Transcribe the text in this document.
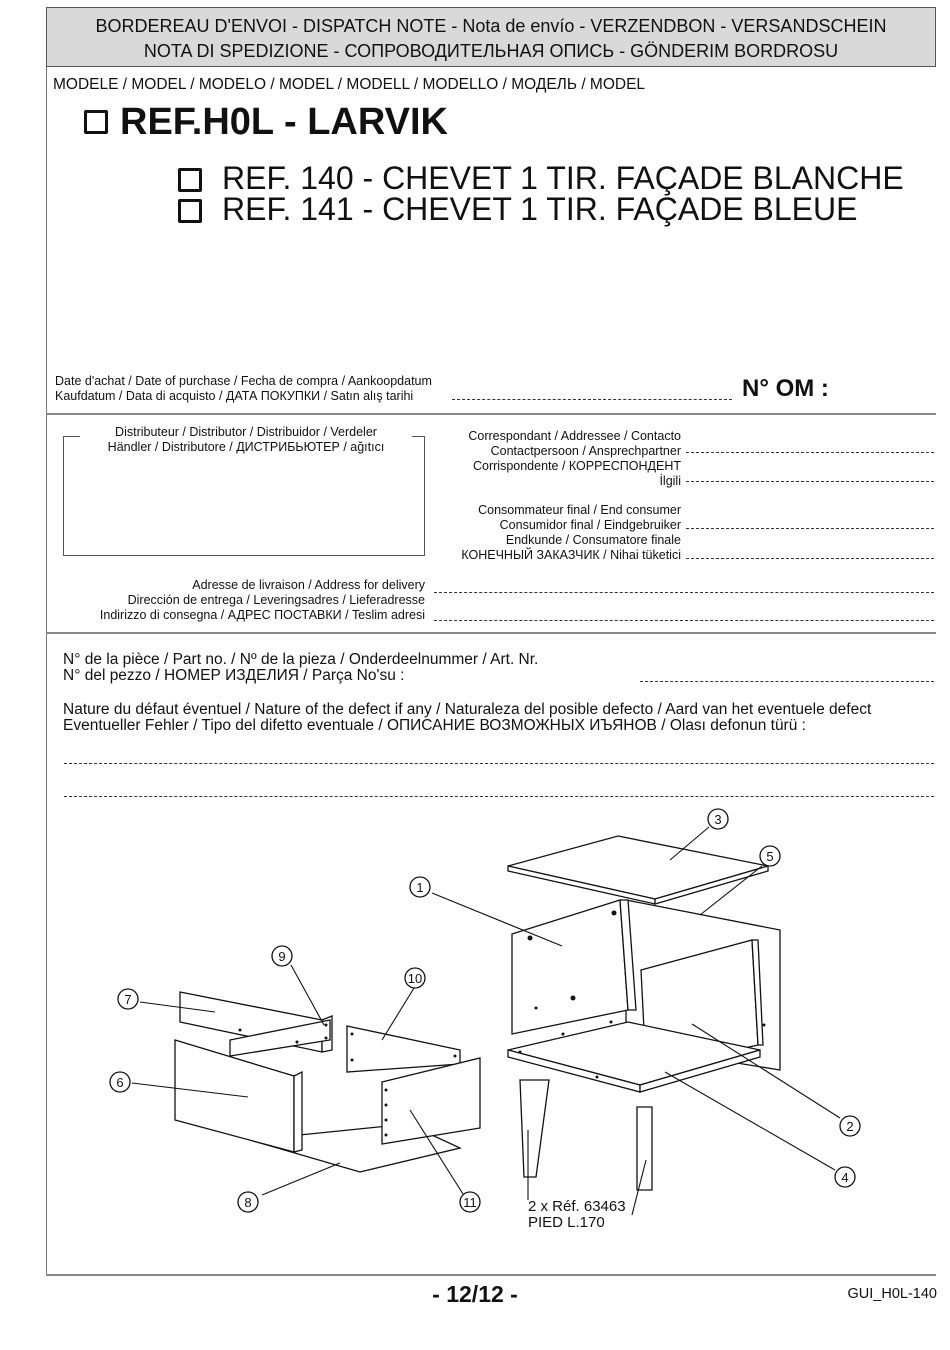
BORDEREAU D'ENVOI - DISPATCH NOTE - Nota de envío - VERZENDBON - VERSANDSCHEIN
NOTA DI SPEDIZIONE - СОПРОВОДИТЕЛЬНАЯ ОПИСЬ - GÖNDERIM BORDROSU
MODELE / MODEL / MODELO / MODEL / MODELL / MODELLO / МОДЕЛЬ / MODEL
REF.H0L - LARVIK
REF. 140 - CHEVET 1 TIR. FAÇADE BLANCHE
REF. 141 - CHEVET 1 TIR. FAÇADE BLEUE
Date d'achat / Date of purchase / Fecha de compra / Aankoopdatum
Kaufdatum / Data di acquisto / ДАТА ПОКУПКИ / Satın alış tarihi	N° OM :
Distributeur / Distributor / Distribuidor / Verdeler
Händler / Distributore / ДИСТРИБЬЮТЕР / ağıtıcı
Correspondant / Addressee / Contacto
Contactpersoon / Ansprechpartner
Corrispondente / КОРРЕСПОНДЕНТ
İlgili
Consommateur final / End consumer
Consumidor final / Eindgebruiker
Endkunde / Consumatore finale
КОНЕЧНЫЙ ЗАКАЗЧИК / Nihai tüketici
Adresse de livraison / Address for delivery
Dirección de entrega / Leveringsadres / Lieferadresse
Indirizzo di consegna / АДРЕС ПОСТАВКИ / Teslim adresi
N° de la pièce / Part no. / Nº de la pieza / Onderdeelnummer / Art. Nr.
N° del pezzo / НОМЕР ИЗДЕЛИЯ / Parça No'su :
Nature du défaut éventuel / Nature of the defect if any / Naturaleza del posible defecto / Aard van het eventuele defect
Eventueller Fehler / Tipo del difetto eventuale / ОПИСАНИЕ ВОЗМОЖНЫХ ИЪЯНОВ / Olası defonun türü :
1
2
3
4
5
6
7
8
9
10
11	2 x Réf. 63463
PIED L.170
- 12/12 -	GUI_H0L-140
